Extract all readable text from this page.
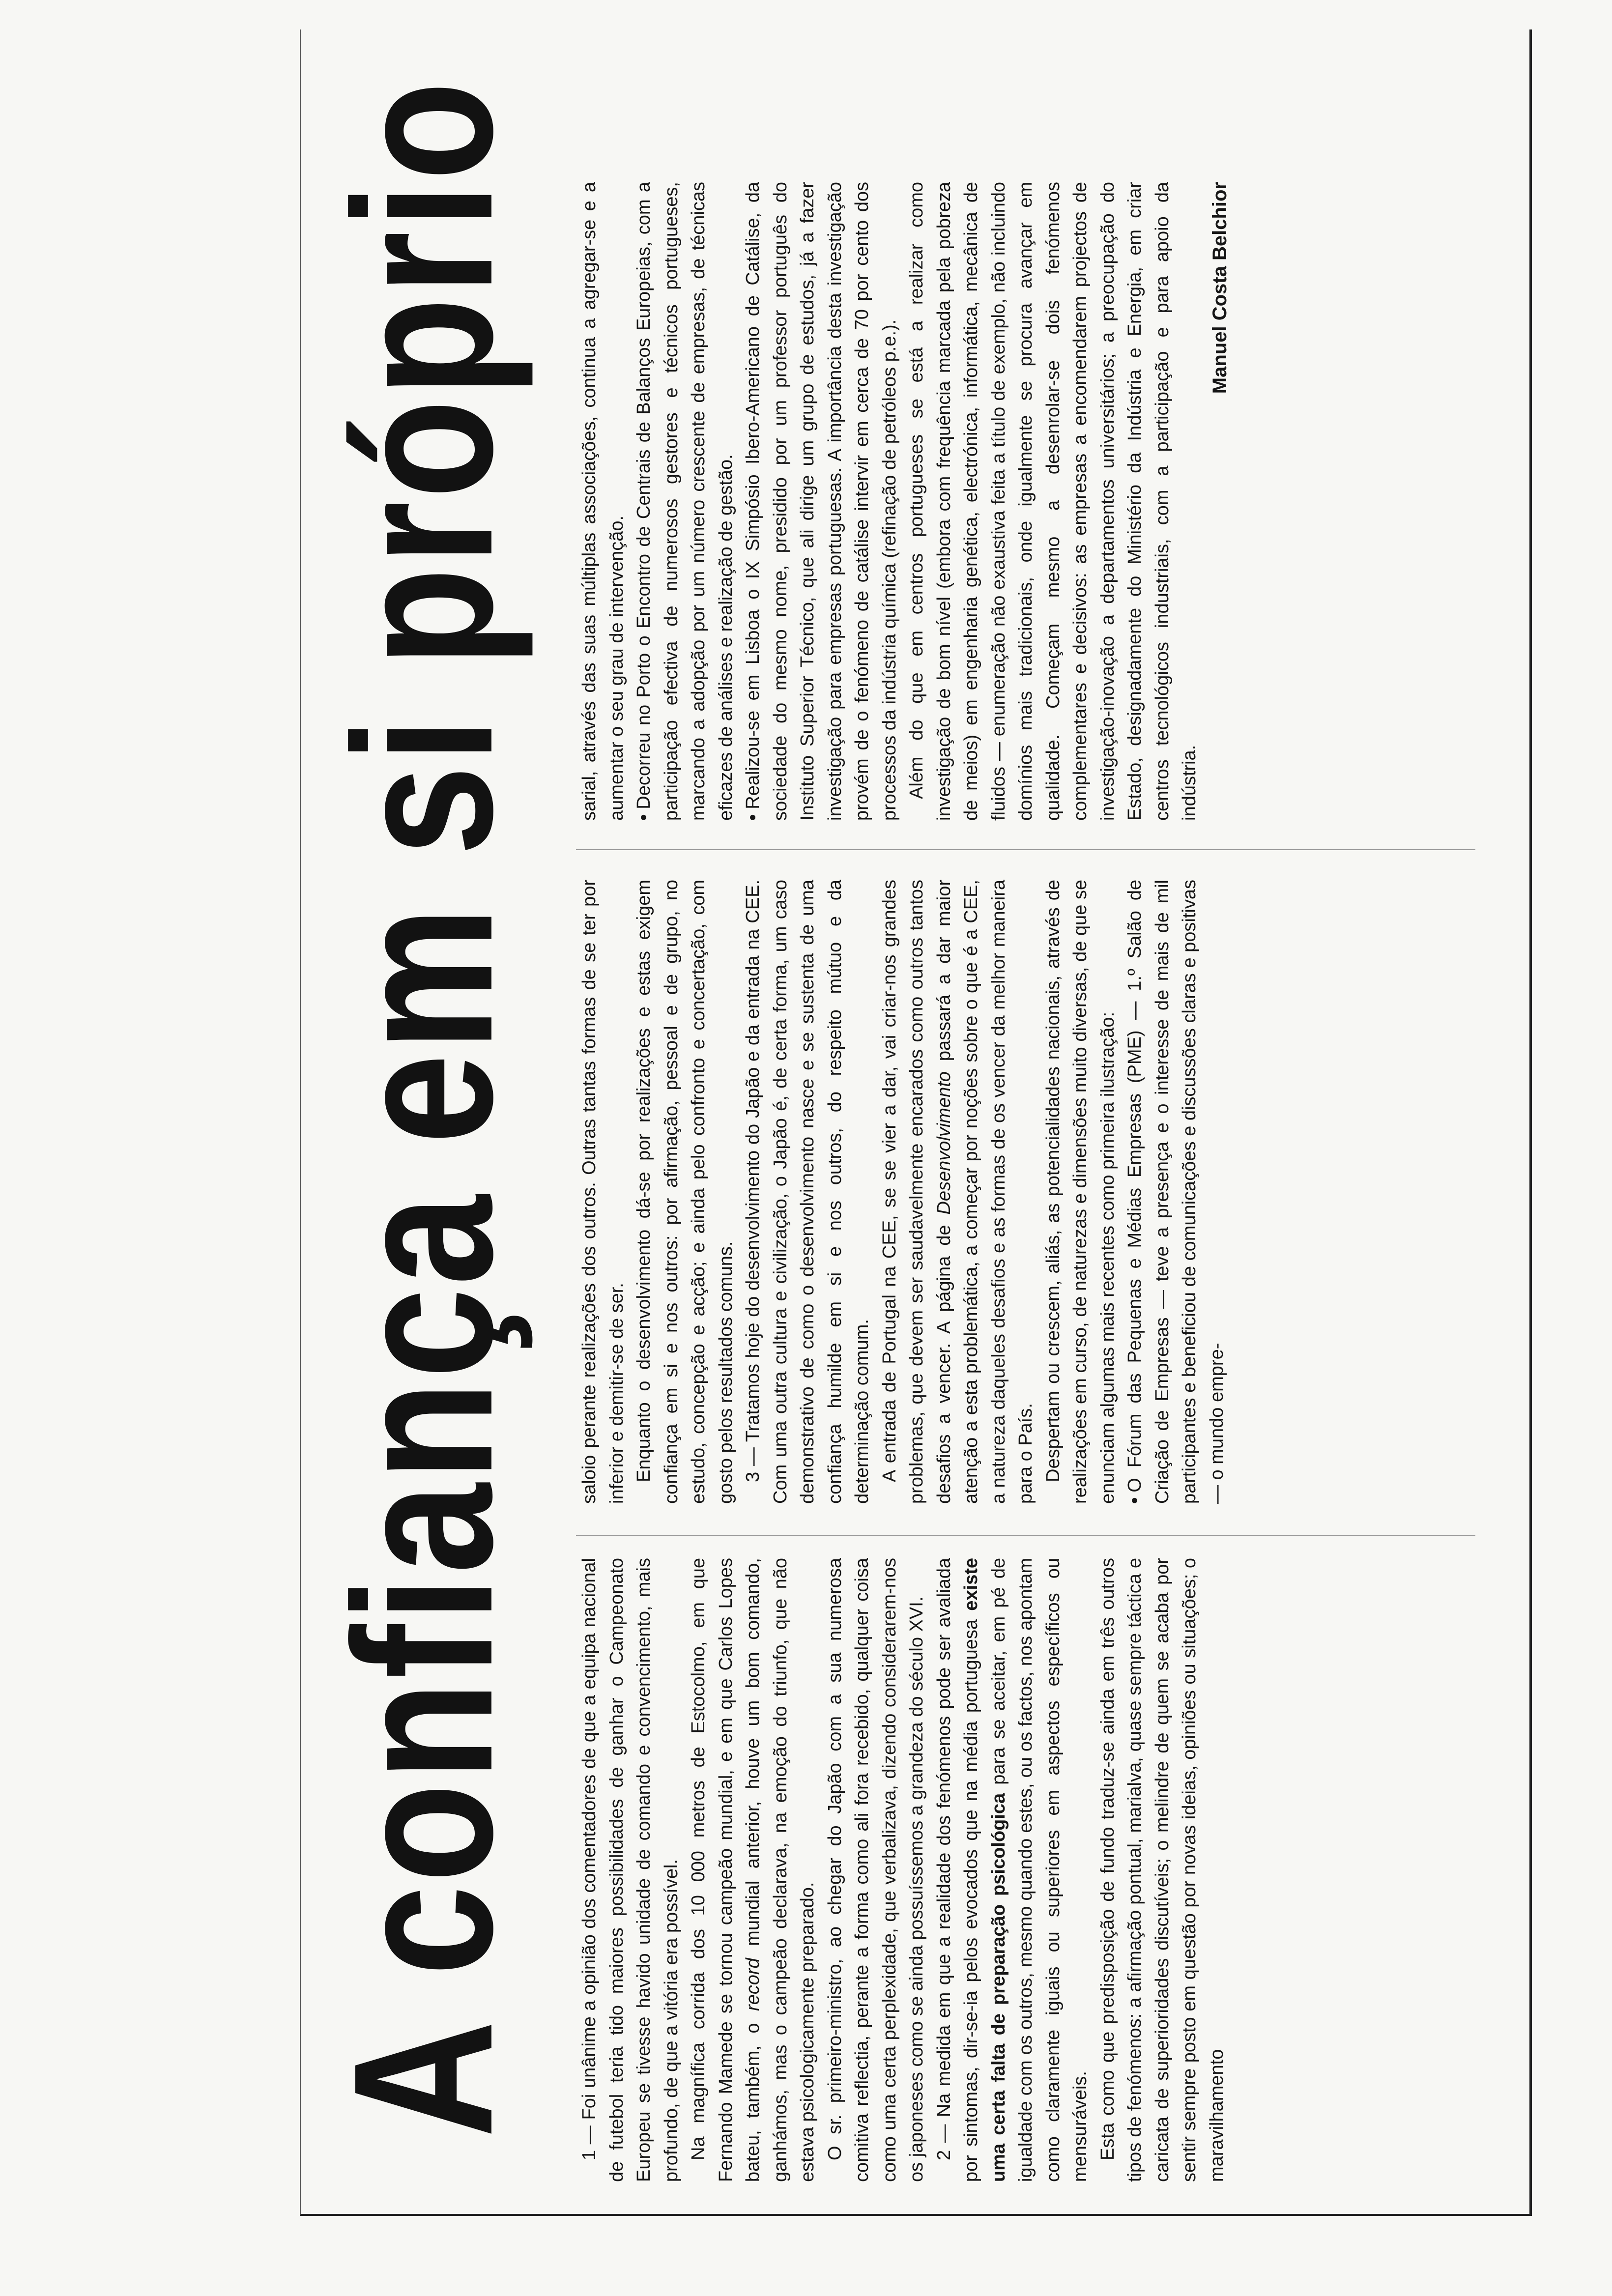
A confiança em si próprio	1 — Foi unânime a opinião dos comentadores de que a equipa nacional de futebol teria tido maiores possibilidades de ganhar o Campeonato Europeu se tivesse havido unidade de comando e convencimento, mais profundo, de que a vitória era possível. Na magnífica corrida dos 10 000 metros de Estocolmo, em que Fernando Mamede se tornou campeão mundial, e em que Carlos Lopes bateu, também, o record mundial anterior, houve um bom comando, ganhámos, mas o campeão declarava, na emoção do triunfo, que não estava psicologicamente preparado. O sr. primeiro-ministro, ao chegar do Japão com a sua numerosa comitiva reflectia, perante a forma como ali fora recebido, qualquer coisa como uma certa perplexidade, que verbalizava, dizendo considerarem-nos os japoneses como se ainda possuíssemos a grandeza do século XVI. 2 — Na medida em que a realidade dos fenómenos pode ser avaliada por sintomas, dir-se-ia pelos evocados que na média portuguesa existe uma certa falta de preparação psicológica para se aceitar, em pé de igualdade com os outros, mesmo quando estes, ou os factos, nos apontam como claramente iguais ou superiores em aspectos específicos ou mensuráveis. Esta como que predisposição de fundo traduz-se ainda em três outros tipos de fenómenos: a afirmação pontual, marialva, quase sempre táctica e caricata de superioridades discutíveis; o melindre de quem se acaba por sentir sempre posto em questão por novas ideias, opiniões ou situações; o maravilhamento

saloio perante realizações dos outros. Outras tantas formas de se ter por inferior e demitir-se de ser. Enquanto o desenvolvimento dá-se por realizações e estas exigem confiança em si e nos outros: por afirmação, pessoal e de grupo, no estudo, concepção e acção; e ainda pelo confronto e concertação, com gosto pelos resultados comuns. 3 — Tratamos hoje do desenvolvimento do Japão e da entrada na CEE. Com uma outra cultura e civilização, o Japão é, de certa forma, um caso demonstrativo de como o desenvolvimento nasce e se sustenta de uma confiança humilde em si e nos outros, do respeito mútuo e da determinação comum. A entrada de Portugal na CEE, se se vier a dar, vai criar-nos grandes problemas, que devem ser saudavelmente encarados como outros tantos desafios a vencer. A página de Desenvolvimento passará a dar maior atenção a esta problemática, a começar por noções sobre o que é a CEE, a natureza daqueles desafios e as formas de os vencer da melhor maneira para o País. Despertam ou crescem, aliás, as potencialidades nacionais, através de realizações em curso, de naturezas e dimensões muito diversas, de que se enunciam algumas mais recentes como primeira ilustração: •O Fórum das Pequenas e Médias Empresas (PME) — 1.º Salão de Criação de Empresas — teve a presença e o interesse de mais de mil participantes e beneficiou de comunicações e discussões claras e positivas — o mundo empre-

sarial, através das suas múltiplas associações, continua a agregar-se e a aumentar o seu grau de intervenção. •Decorreu no Porto o Encontro de Centrais de Balanços Europeias, com a participação efectiva de numerosos gestores e técnicos portugueses, marcando a adopção por um número crescente de empresas, de técnicas eficazes de análises e realização de gestão. •Realizou-se em Lisboa o IX Simpósio Ibero-Americano de Catálise, da sociedade do mesmo nome, presidido por um professor português do Instituto Superior Técnico, que ali dirige um grupo de estudos, já a fazer investigação para empresas portuguesas. A importância desta investigação provém de o fenómeno de catálise intervir em cerca de 70 por cento dos processos da indústria química (refinação de petróleos p.e.). Além do que em centros portugueses se está a realizar como investigação de bom nível (embora com frequência marcada pela pobreza de meios) em engenharia genética, electrónica, informática, mecânica de fluidos — enumeração não exaustiva feita a título de exemplo, não incluindo domínios mais tradicionais, onde igualmente se procura avançar em qualidade. Começam mesmo a desenrolar-se dois fenómenos complementares e decisivos: as empresas a encomendarem projectos de investigação-inovação a departamentos universitários; a preocupação do Estado, designadamente do Ministério da Indústria e Energia, em criar centros tecnológicos industriais, com a participação e para apoio da indústria.

Manuel Costa Belchior
